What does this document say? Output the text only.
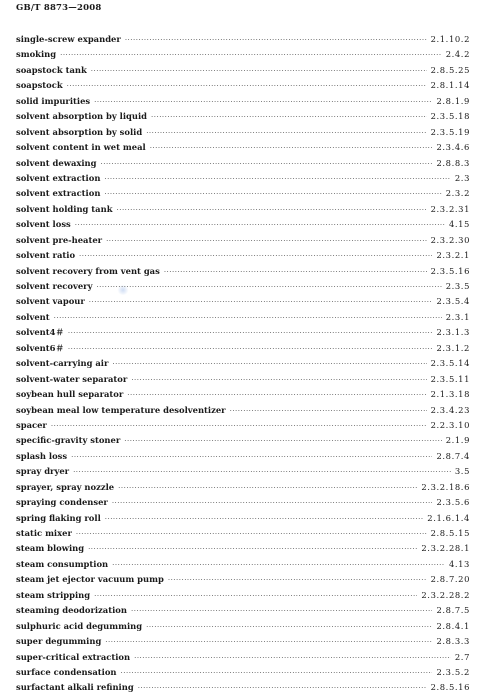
GB/T 8873—2008
single-screw expander ·····	2.1.10.2
smoking ·····	2.4.2
soapstock tank ·····	2.8.5.25
soapstock ·····	2.8.1.14
solid impurities ·····	2.8.1.9
solvent absorption by liquid ·····	2.3.5.18
solvent absorption by solid ·····	2.3.5.19
solvent content in wet meal ·····	2.3.4.6
solvent dewaxing ·····	2.8.8.3
solvent extraction ·····	2.3
solvent extraction ·····	2.3.2
solvent holding tank ·····	2.3.2.31
solvent loss ·····	4.15
solvent pre-heater ·····	2.3.2.30
solvent ratio ·····	2.3.2.1
solvent recovery from vent gas ·····	2.3.5.16
solvent recovery ·····	2.3.5
solvent vapour ·····	2.3.5.4
solvent ·····	2.3.1
solvent4＃ ·····	2.3.1.3
solvent6＃ ·····	2.3.1.2
solvent-carrying air ·····	2.3.5.14
solvent-water separator ·····	2.3.5.11
soybean hull separator ·····	2.1.3.18
soybean meal low temperature desolventizer ·····	2.3.4.23
spacer ·····	2.2.3.10
specific-gravity stoner ·····	2.1.9
splash loss ·····	2.8.7.4
spray dryer ·····	3.5
sprayer, spray nozzle ·····	2.3.2.18.6
spraying condenser ·····	2.3.5.6
spring flaking roll ·····	2.1.6.1.4
static mixer ·····	2.8.5.15
steam blowing ·····	2.3.2.28.1
steam consumption ·····	4.13
steam jet ejector vacuum pump ·····	2.8.7.20
steam stripping ·····	2.3.2.28.2
steaming deodorization ·····	2.8.7.5
sulphuric acid degumming ·····	2.8.4.1
super degumming ·····	2.8.3.3
super-critical extraction ·····	2.7
surface condensation ·····	2.3.5.2
surfactant alkali refining ·····	2.8.5.16
